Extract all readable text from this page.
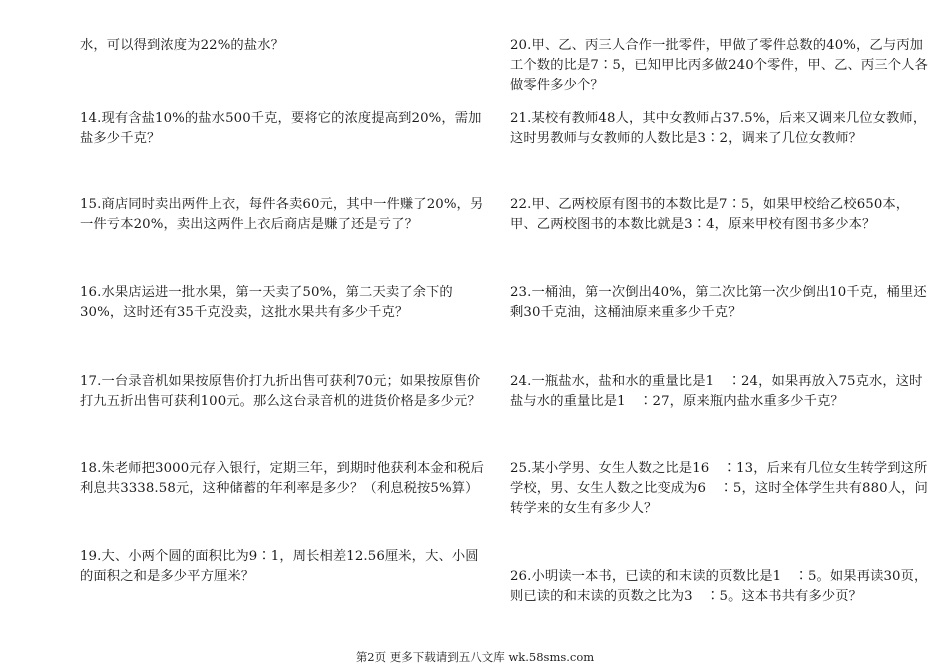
水，可以得到浓度为22%的盐水？

14.现有含盐10%的盐水500千克，要将它的浓度提高到20%，需加盐多少千克？

15.商店同时卖出两件上衣，每件各卖60元，其中一件赚了20%，另一件亏本20%，卖出这两件上衣后商店是赚了还是亏了？

16.水果店运进一批水果，第一天卖了50%，第二天卖了余下的30%，这时还有35千克没卖，这批水果共有多少千克？

17.一台录音机如果按原售价打九折出售可获利70元；如果按原售价打九五折出售可获利100元。那么这台录音机的进货价格是多少元？

18.朱老师把3000元存入银行，定期三年，到期时他获利本金和税后利息共3338.58元，这种储蓄的年利率是多少？（利息税按5%算）

19.大、小两个圆的面积比为9∶1，周长相差12.56厘米，大、小圆的面积之和是多少平方厘米？

20.甲、乙、丙三人合作一批零件，甲做了零件总数的40%，乙与丙加工个数的比是7∶5，已知甲比丙多做240个零件，甲、乙、丙三个人各做零件多少个？

21.某校有教师48人，其中女教师占37.5%，后来又调来几位女教师，这时男教师与女教师的人数比是3∶2，调来了几位女教师？

22.甲、乙两校原有图书的本数比是7∶5，如果甲校给乙校650本，甲、乙两校图书的本数比就是3∶4，原来甲校有图书多少本？

23.一桶油，第一次倒出40%，第二次比第一次少倒出10千克，桶里还剩30千克油，这桶油原来重多少千克？

24.一瓶盐水，盐和水的重量比是1　∶24，如果再放入75克水，这时盐与水的重量比是1　∶27，原来瓶内盐水重多少千克？

25.某小学男、女生人数之比是16　∶13，后来有几位女生转学到这所学校，男、女生人数之比变成为6　∶5，这时全体学生共有880人，问转学来的女生有多少人？

26.小明读一本书，已读的和末读的页数比是1　∶5。如果再读30页，则已读的和末读的页数之比为3　∶5。这本书共有多少页？

第2页 更多下载请到五八文库 wk.58sms.com
